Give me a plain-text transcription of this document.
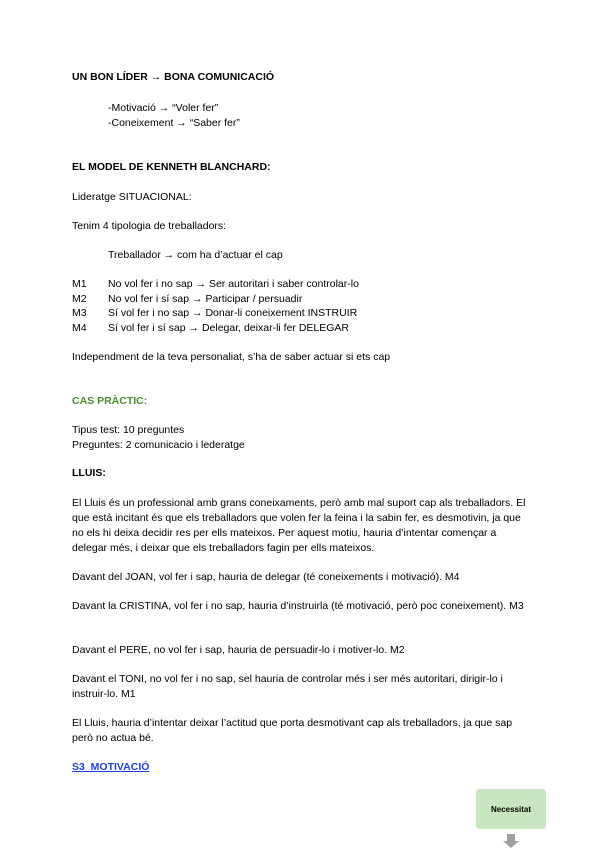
UN BON LÍDER → BONA COMUNICACIÓ
-Motivació → “Voler fer”
-Coneixement → “Saber fer”
EL MODEL DE KENNETH BLANCHARD:
Lideratge SITUACIONAL:
Tenim 4 tipologia de treballadors:
Treballador → com ha d’actuar el cap
M1 No vol fer i no sap → Ser autoritari i saber controlar-lo
M2 No vol fer i sí sap → Participar / persuadir
M3 Sí vol fer i no sap → Donar-li coneixement INSTRUIR
M4 Sí vol fer i sí sap → Delegar, deixar-li fer DELEGAR
Independment de la teva personaliat, s’ha de saber actuar si ets cap
CAS PRÀCTIC:
Tipus test: 10 preguntes
Preguntes: 2 comunicacio i lederatge
LLUIS:
El Lluis és un professional amb grans coneixaments, però amb mal suport cap als treballadors. El que està incitant és que els treballadors que volen fer la feina i la sabin fer, es desmotivin, ja que no els hi deixa decidir res per ells mateixos. Per aquest motiu, hauria d’intentar començar a delegar més, i deixar que els treballadors fagin per ells mateixos.
Davant del JOAN, vol fer i sap, hauria de delegar (té coneixements i motivació). M4
Davant la CRISTINA, vol fer i no sap, hauria d’instruirla (té motivació, però poc coneixement). M3
Davant el PERE, no vol fer i sap, hauria de persuadir-lo i motiver-lo. M2
Davant el TONI, no vol fer i no sap, sel hauria de controlar més i ser més autoritari, dirigir-lo i instruir-lo. M1
El Lluis, hauria d’intentar deixar l’actitud que porta desmotivant cap als treballadors, ja que sap però no actua bé.
S3_MOTIVACIÓ
Necessitat
